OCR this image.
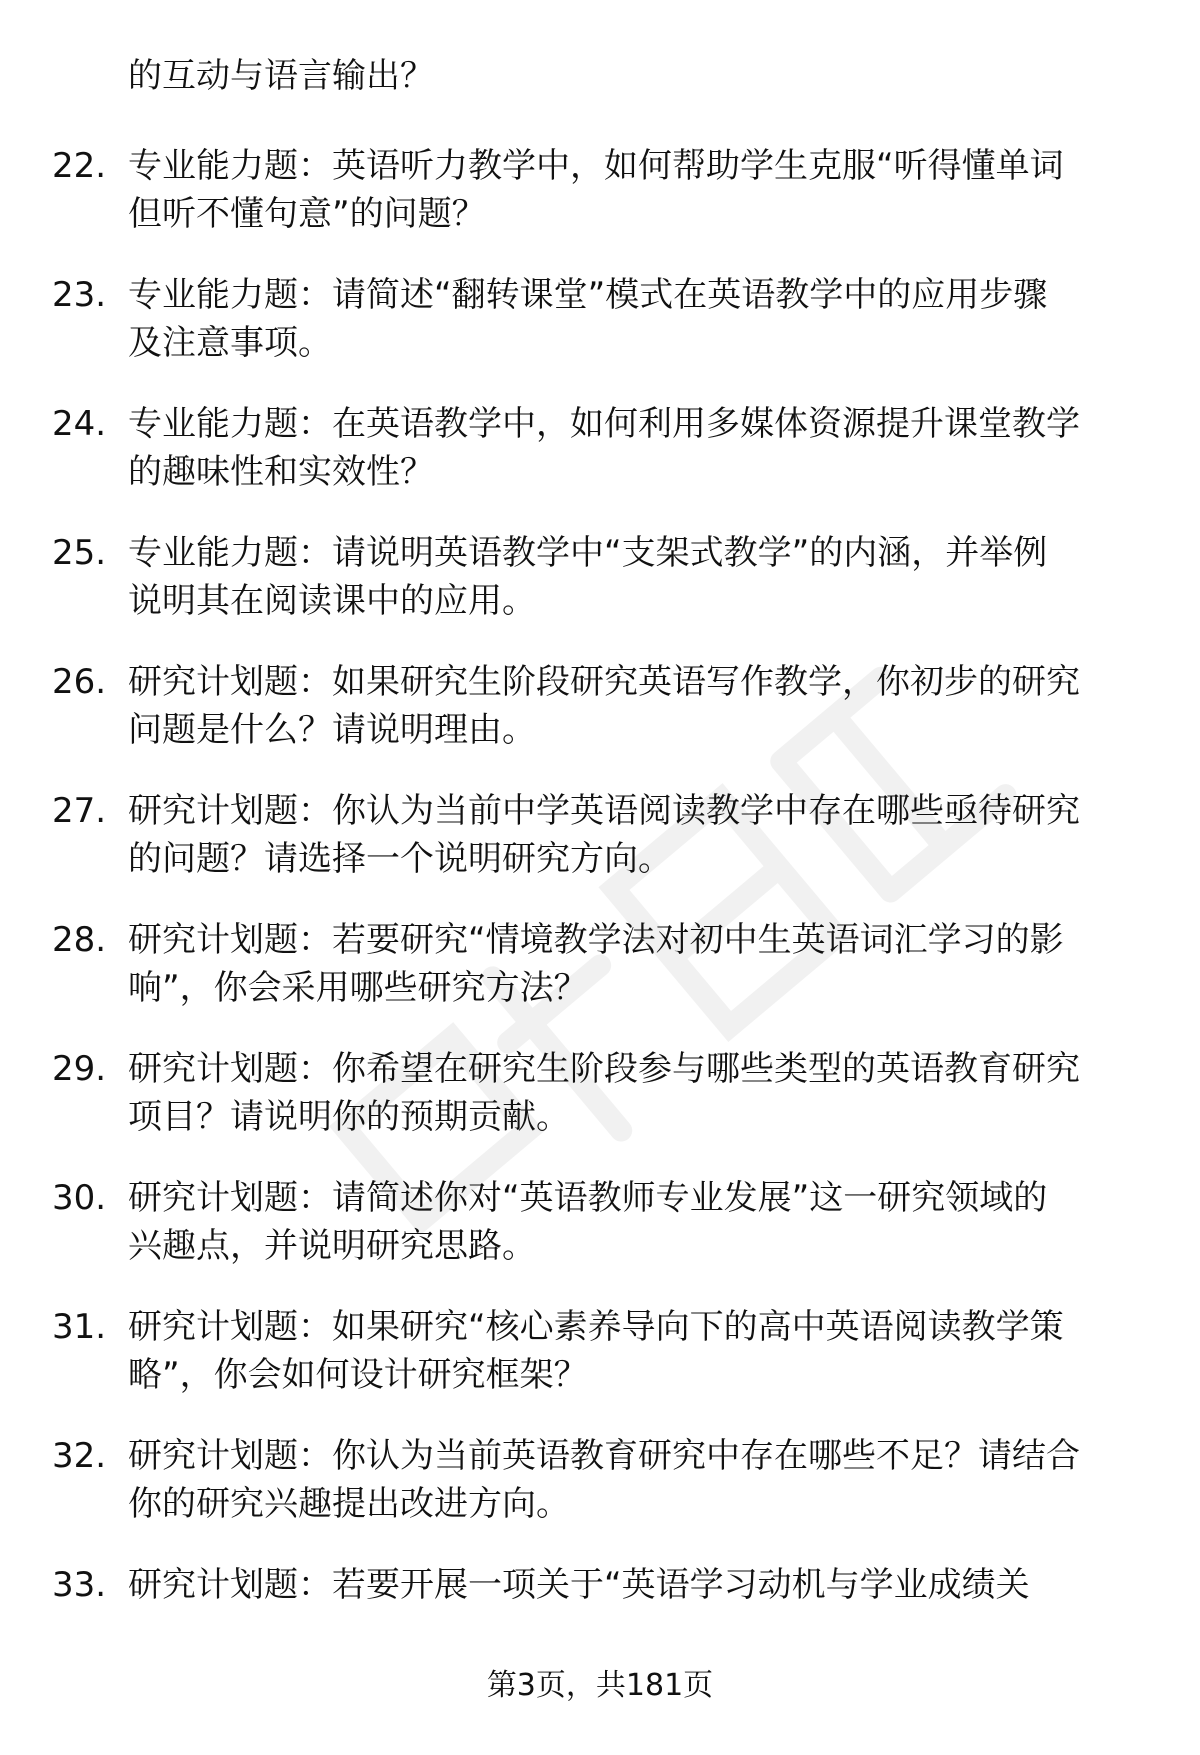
的互动与语言输出？
22. 专业能力题：英语听力教学中，如何帮助学生克服“听得懂单词
但听不懂句意”的问题？
23. 专业能力题：请简述“翻转课堂”模式在英语教学中的应用步骤
及注意事项。
24. 专业能力题：在英语教学中，如何利用多媒体资源提升课堂教学
的趣味性和实效性？
25. 专业能力题：请说明英语教学中“支架式教学”的内涵，并举例
说明其在阅读课中的应用。
26. 研究计划题：如果研究生阶段研究英语写作教学，你初步的研究
问题是什么？请说明理由。
27. 研究计划题：你认为当前中学英语阅读教学中存在哪些亟待研究
的问题？请选择一个说明研究方向。
28. 研究计划题：若要研究“情境教学法对初中生英语词汇学习的影
响”，你会采用哪些研究方法？
29. 研究计划题：你希望在研究生阶段参与哪些类型的英语教育研究
项目？请说明你的预期贡献。
30. 研究计划题：请简述你对“英语教师专业发展”这一研究领域的
兴趣点，并说明研究思路。
31. 研究计划题：如果研究“核心素养导向下的高中英语阅读教学策
略”，你会如何设计研究框架？
32. 研究计划题：你认为当前英语教育研究中存在哪些不足？请结合
你的研究兴趣提出改进方向。
33. 研究计划题：若要开展一项关于“英语学习动机与学业成绩关
第3页，共181页
